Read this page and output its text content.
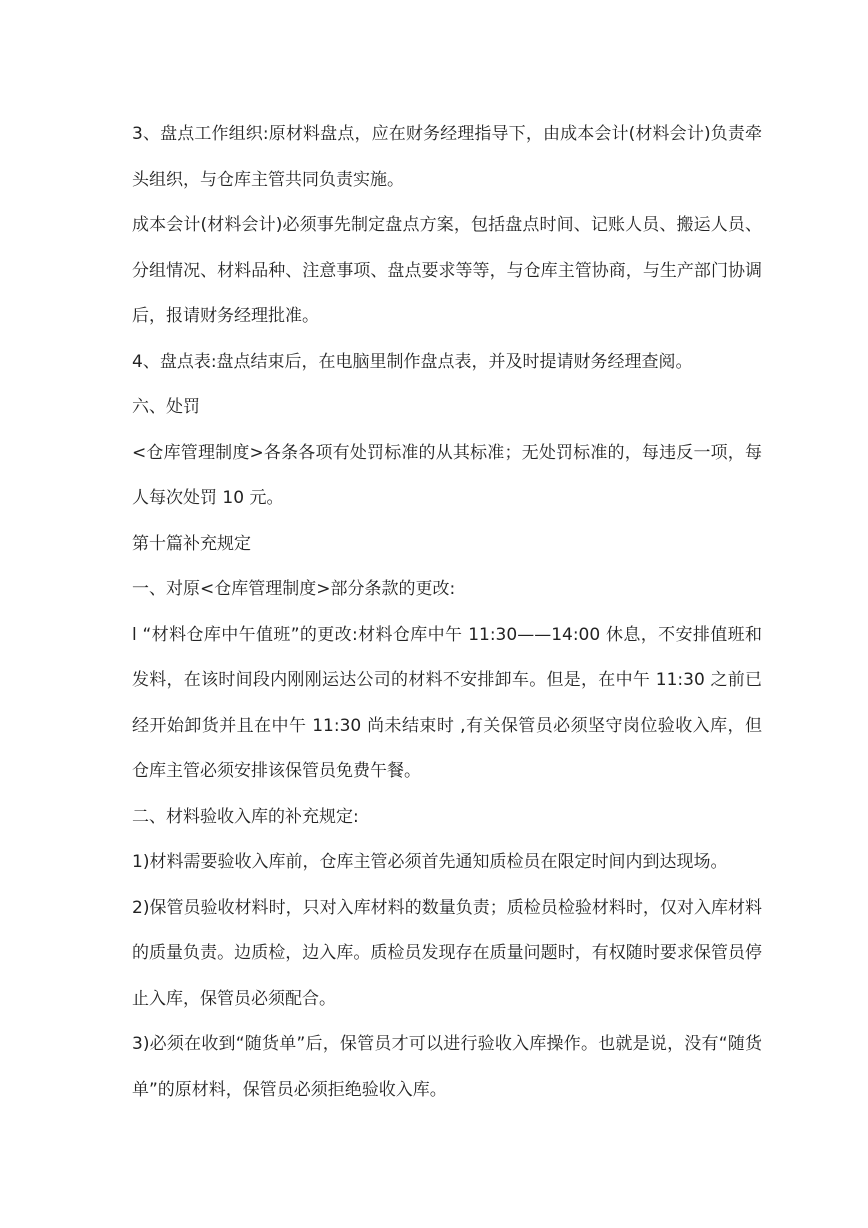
3、盘点工作组织:原材料盘点，应在财务经理指导下，由成本会计(材料会计)负责牵头组织，与仓库主管共同负责实施。

成本会计(材料会计)必须事先制定盘点方案，包括盘点时间、记账人员、搬运人员、分组情况、材料品种、注意事项、盘点要求等等，与仓库主管协商，与生产部门协调后，报请财务经理批准。

4、盘点表:盘点结束后，在电脑里制作盘点表，并及时提请财务经理查阅。

六、处罚

<仓库管理制度>各条各项有处罚标准的从其标准；无处罚标准的，每违反一项，每人每次处罚 10 元。

第十篇补充规定

一、对原<仓库管理制度>部分条款的更改:

l “材料仓库中午值班”的更改:材料仓库中午 11:30——14:00 休息，不安排值班和发料，在该时间段内刚刚运达公司的材料不安排卸车。但是，在中午 11:30 之前已经开始卸货并且在中午 11:30 尚未结束时 ,有关保管员必须坚守岗位验收入库，但仓库主管必须安排该保管员免费午餐。

二、材料验收入库的补充规定:

1)材料需要验收入库前，仓库主管必须首先通知质检员在限定时间内到达现场。

2)保管员验收材料时，只对入库材料的数量负责；质检员检验材料时，仅对入库材料的质量负责。边质检，边入库。质检员发现存在质量问题时，有权随时要求保管员停止入库，保管员必须配合。

3)必须在收到“随货单”后，保管员才可以进行验收入库操作。也就是说，没有“随货单”的原材料，保管员必须拒绝验收入库。
